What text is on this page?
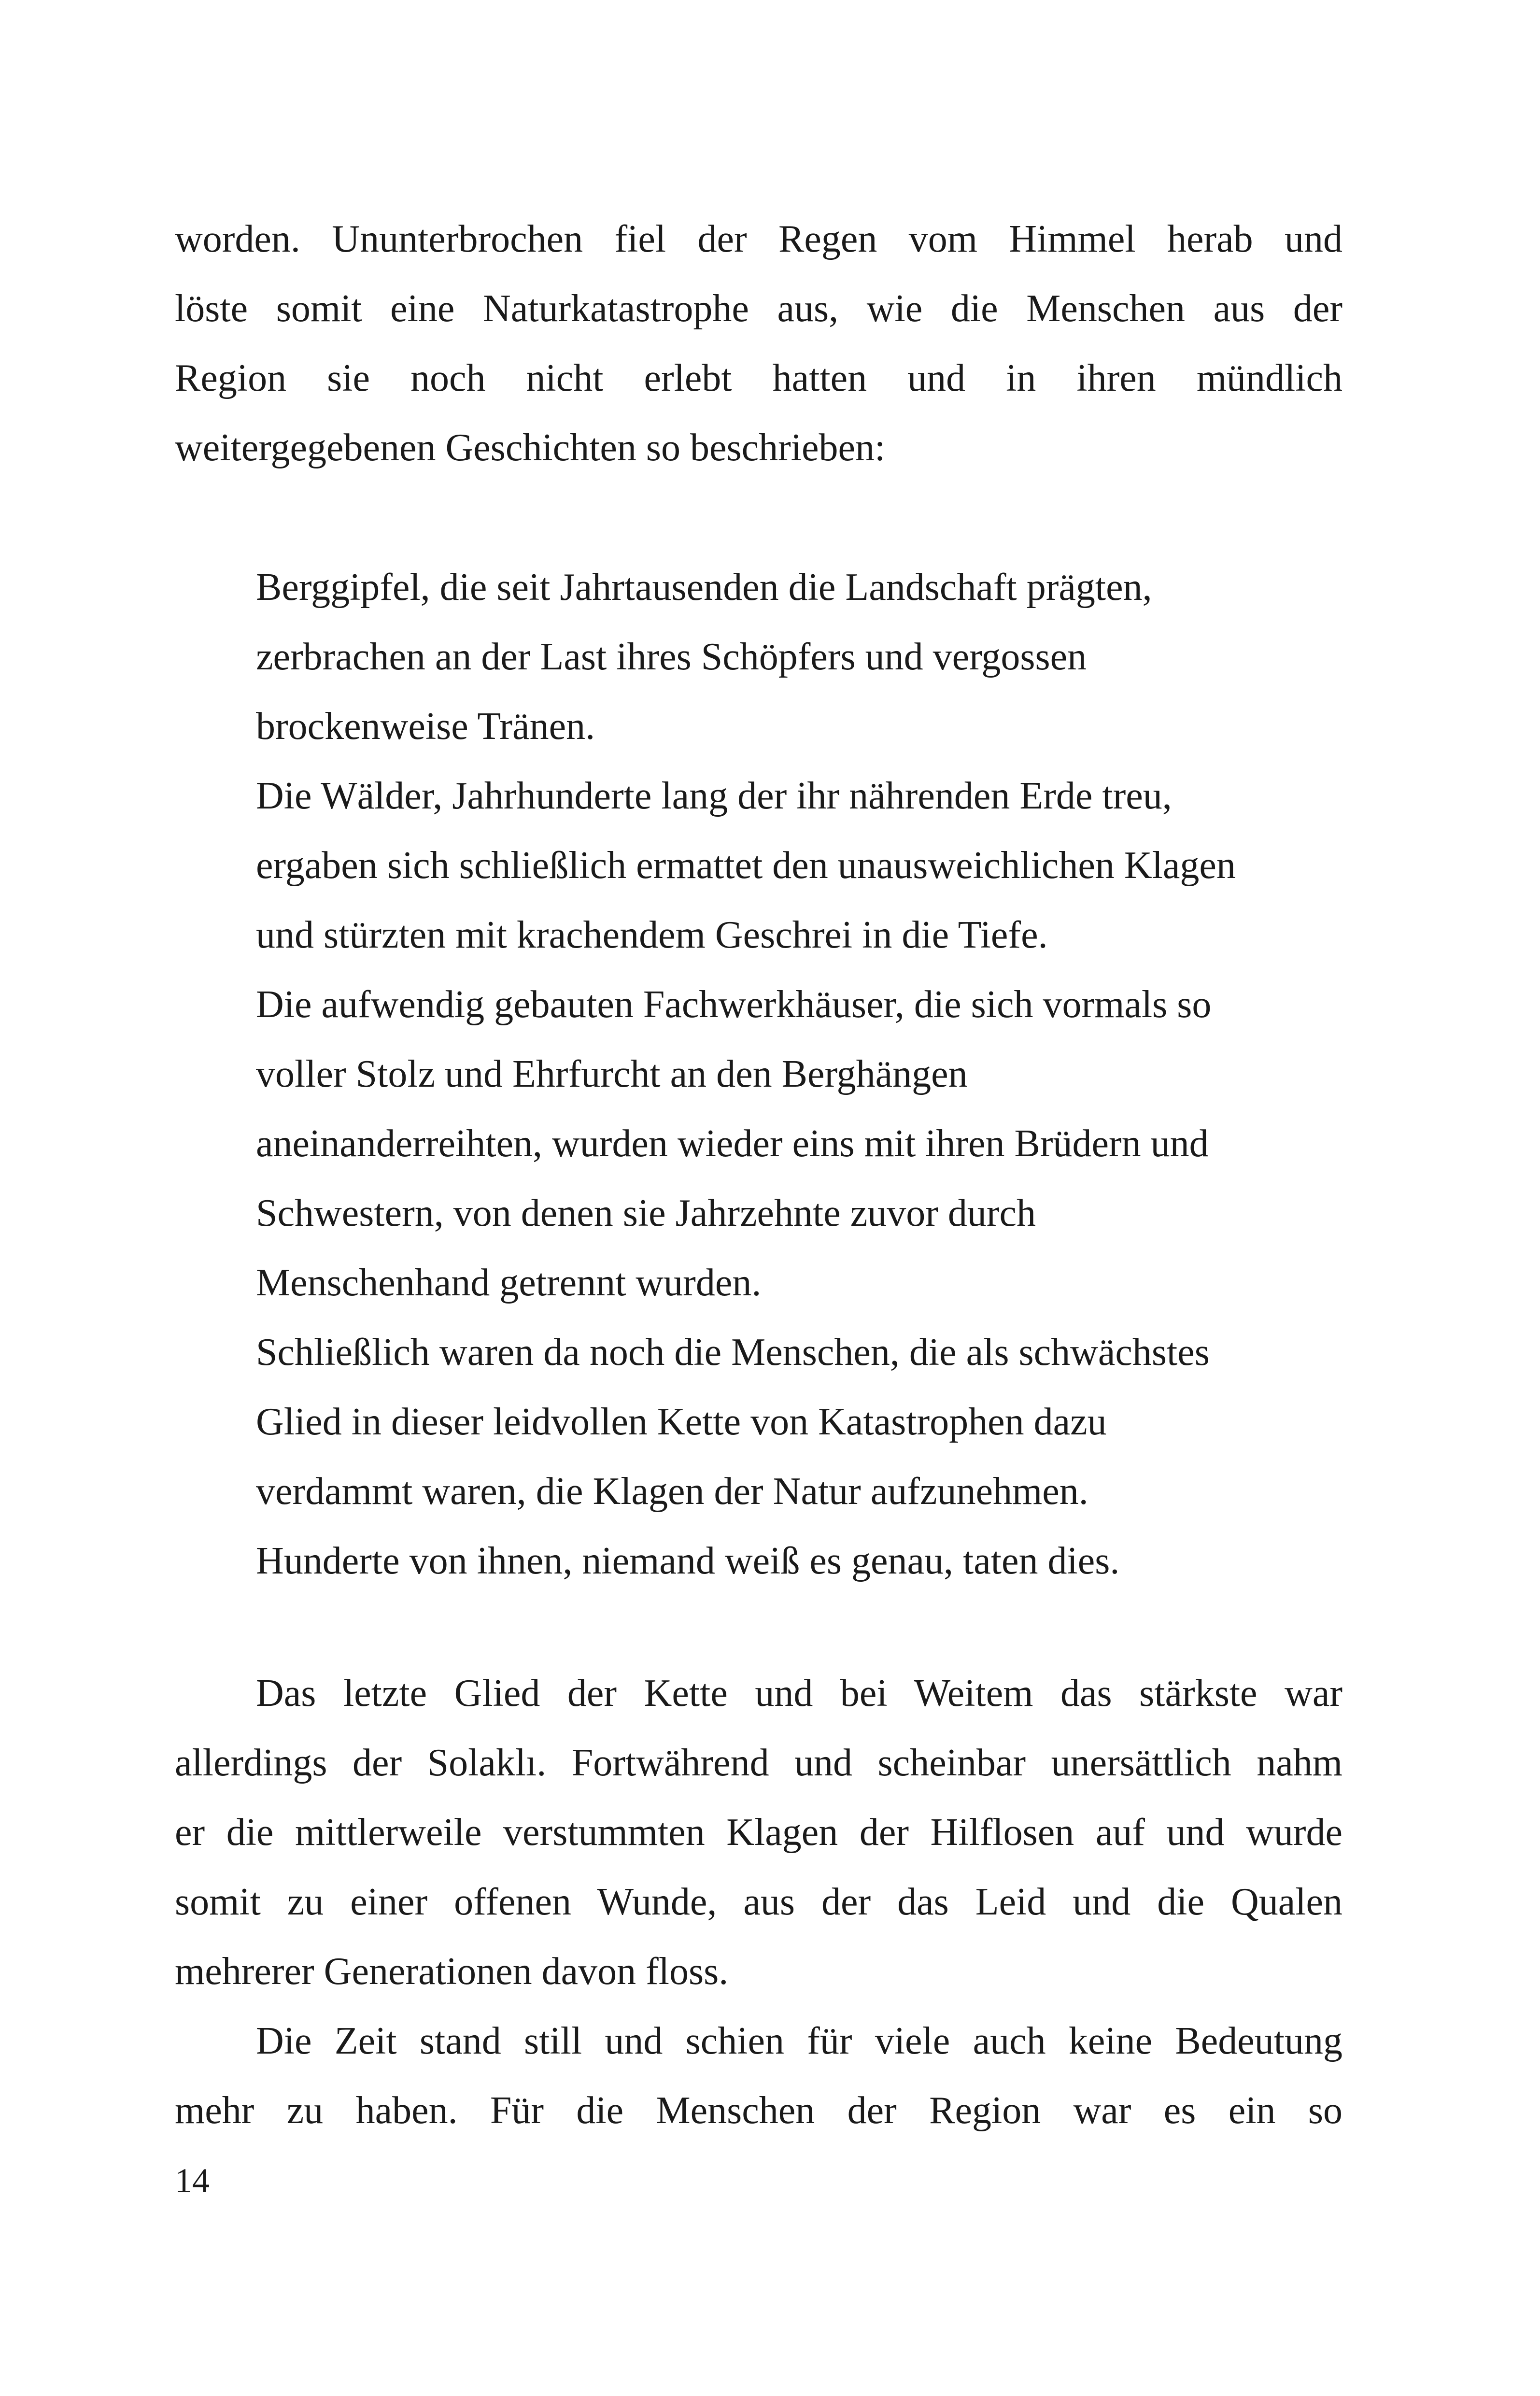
worden. Ununterbrochen fiel der Regen vom Himmel herab und

löste somit eine Naturkatastrophe aus, wie die Menschen aus der

Region sie noch nicht erlebt hatten und in ihren mündlich

weitergegebenen Geschichten so beschrieben:

Berggipfel, die seit Jahrtausenden die Landschaft prägten,

zerbrachen an der Last ihres Schöpfers und vergossen

brockenweise Tränen.

Die Wälder, Jahrhunderte lang der ihr nährenden Erde treu,

ergaben sich schließlich ermattet den unausweichlichen Klagen

und stürzten mit krachendem Geschrei in die Tiefe.

Die aufwendig gebauten Fachwerkhäuser, die sich vormals so

voller Stolz und Ehrfurcht an den Berghängen

aneinanderreihten, wurden wieder eins mit ihren Brüdern und

Schwestern, von denen sie Jahrzehnte zuvor durch

Menschenhand getrennt wurden.

Schließlich waren da noch die Menschen, die als schwächstes

Glied in dieser leidvollen Kette von Katastrophen dazu

verdammt waren, die Klagen der Natur aufzunehmen.

Hunderte von ihnen, niemand weiß es genau, taten dies.

Das letzte Glied der Kette und bei Weitem das stärkste war

allerdings der Solaklı. Fortwährend und scheinbar unersättlich nahm

er die mittlerweile verstummten Klagen der Hilflosen auf und wurde

somit zu einer offenen Wunde, aus der das Leid und die Qualen

mehrerer Generationen davon floss.

Die Zeit stand still und schien für viele auch keine Bedeutung

mehr zu haben. Für die Menschen der Region war es ein so

14
